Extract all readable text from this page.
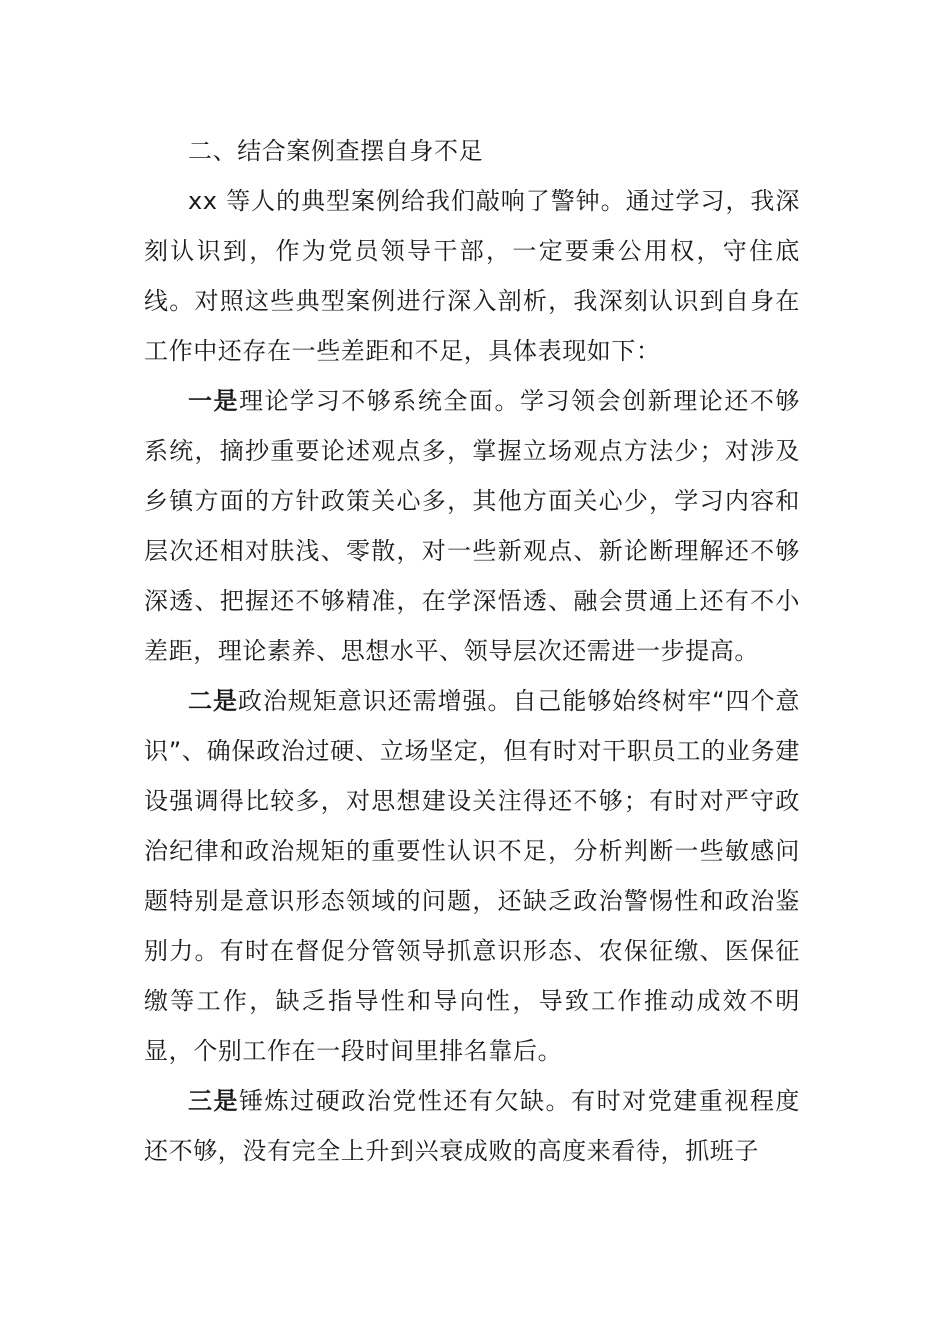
二、结合案例查摆自身不足

xx 等人的典型案例给我们敲响了警钟。通过学习，我深刻认识到，作为党员领导干部，一定要秉公用权，守住底线。对照这些典型案例进行深入剖析，我深刻认识到自身在工作中还存在一些差距和不足，具体表现如下：

一是理论学习不够系统全面。学习领会创新理论还不够系统，摘抄重要论述观点多，掌握立场观点方法少；对涉及乡镇方面的方针政策关心多，其他方面关心少，学习内容和层次还相对肤浅、零散，对一些新观点、新论断理解还不够深透、把握还不够精准，在学深悟透、融会贯通上还有不小差距，理论素养、思想水平、领导层次还需进一步提高。

二是政治规矩意识还需增强。自己能够始终树牢“四个意识”、确保政治过硬、立场坚定，但有时对干职员工的业务建设强调得比较多，对思想建设关注得还不够；有时对严守政治纪律和政治规矩的重要性认识不足，分析判断一些敏感问题特别是意识形态领域的问题，还缺乏政治警惕性和政治鉴别力。有时在督促分管领导抓意识形态、农保征缴、医保征缴等工作，缺乏指导性和导向性，导致工作推动成效不明显，个别工作在一段时间里排名靠后。

三是锤炼过硬政治党性还有欠缺。有时对党建重视程度还不够，没有完全上升到兴衰成败的高度来看待，抓班子
